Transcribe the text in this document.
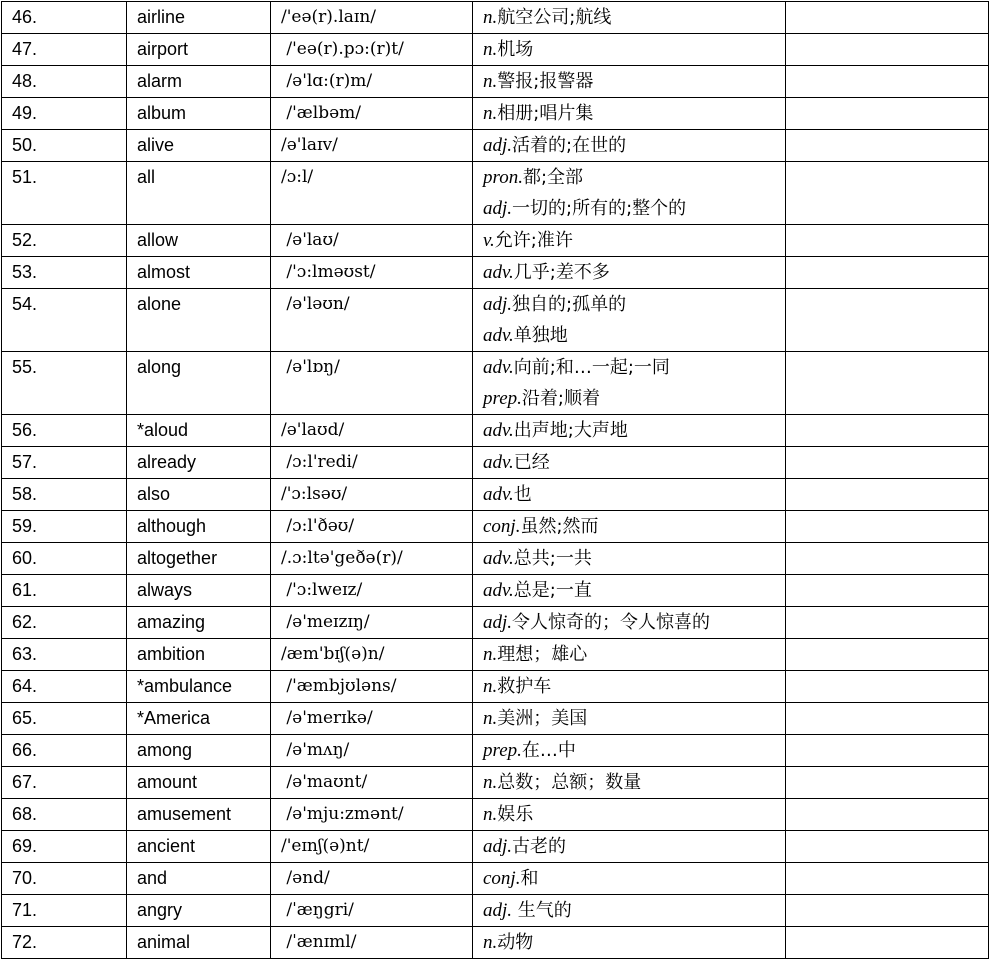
46.	airline	/'eə(r).laɪn/	n.航空公司;航线	

47.	airport	/'eə(r).pɔ:(r)t/	n.机场	

48.	alarm	/ə'lɑ:(r)m/	n.警报;报警器	

49.	album	/'ælbəm/	n.相册;唱片集	

50.	alive	/ə'laɪv/	adj.活着的;在世的	

51.	all	/ɔ:l/	pron.都;全部
adj.一切的;所有的;整个的	

52.	allow	/ə'laʊ/	v.允许;准许	

53.	almost	/'ɔ:lməʊst/	adv.几乎;差不多	

54.	alone	/ə'ləʊn/	adj.独自的;孤单的
adv.单独地	

55.	along	/ə'lɒŋ/	adv.向前;和…一起;一同
prep.沿着;顺着	

56.	*aloud	/ə'laʊd/	adv.出声地;大声地	

57.	already	/ɔ:l'redi/	adv.已经	

58.	also	/'ɔ:lsəʊ/	adv.也	

59.	although	/ɔ:l'ðəʊ/	conj.虽然;然而	

60.	altogether	/.ɔ:ltə'geðə(r)/	adv.总共;一共	

61.	always	/'ɔ:lweɪz/	adv.总是;一直	

62.	amazing	/ə'meɪzɪŋ/	adj.令人惊奇的；令人惊喜的	

63.	ambition	/æm'bɪʃ(ə)n/	n.理想；雄心	

64.	*ambulance	/'æmbjʊləns/	n.救护车	

65.	*America	/ə'merɪkə/	n.美洲；美国	

66.	among	/ə'mʌŋ/	prep.在…中	

67.	amount	/ə'maʊnt/	n.总数；总额；数量	

68.	amusement	/ə'mju:zmənt/	n.娱乐	

69.	ancient	/'eɪnʃ(ə)nt/	adj.古老的	

70.	and	/ənd/	conj.和	

71.	angry	/ˈæŋgri/	adj. 生气的	

72.	animal	/ˈænɪml/	n.动物	
